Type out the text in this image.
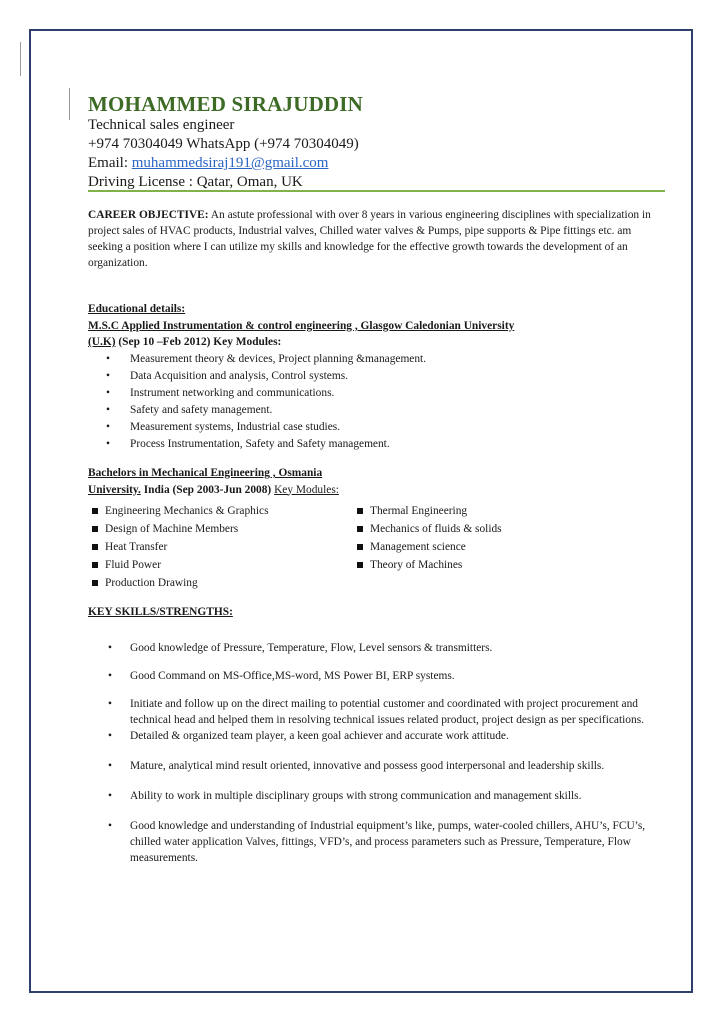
MOHAMMED SIRAJUDDIN

Technical sales engineer

+974 70304049 WhatsApp (+974 70304049)

Email: muhammedsiraj191@gmail.com

Driving License : Qatar, Oman, UK

CAREER OBJECTIVE: An astute professional with over 8 years in various engineering disciplines with specialization in project sales of HVAC products, Industrial valves, Chilled water valves & Pumps, pipe supports & Pipe fittings etc. am seeking a position where I can utilize my skills and knowledge for the effective growth towards the development of an organization.
Educational details:
M.S.C Applied Instrumentation & control engineering , Glasgow Caledonian University
(U.K) (Sep 10 –Feb 2012) Key Modules:
• Measurement theory & devices, Project planning &management.
• Data Acquisition and analysis, Control systems.
• Instrument networking and communications.
• Safety and safety management.
• Measurement systems, Industrial case studies.
• Process Instrumentation, Safety and Safety management.
Bachelors in Mechanical Engineering , Osmania
University. India (Sep 2003-Jun 2008) Key Modules:
Engineering Mechanics & Graphics
Design of Machine Members
Heat Transfer
Fluid Power
Production Drawing
Thermal Engineering
Mechanics of fluids & solids
Management science
Theory of Machines
KEY SKILLS/STRENGTHS:
• Good knowledge of Pressure, Temperature, Flow, Level sensors & transmitters.
• Good Command on MS-Office,MS-word, MS Power BI, ERP systems.
• Initiate and follow up on the direct mailing to potential customer and coordinated with project procurement and technical head and helped them in resolving technical issues related product, project design as per specifications.
• Detailed & organized team player, a keen goal achiever and accurate work attitude.
• Mature, analytical mind result oriented, innovative and possess good interpersonal and leadership skills.
• Ability to work in multiple disciplinary groups with strong communication and management skills.
• Good knowledge and understanding of Industrial equipment’s like, pumps, water-cooled chillers, AHU’s, FCU’s, chilled water application Valves, fittings, VFD’s, and process parameters such as Pressure, Temperature, Flow measurements.
